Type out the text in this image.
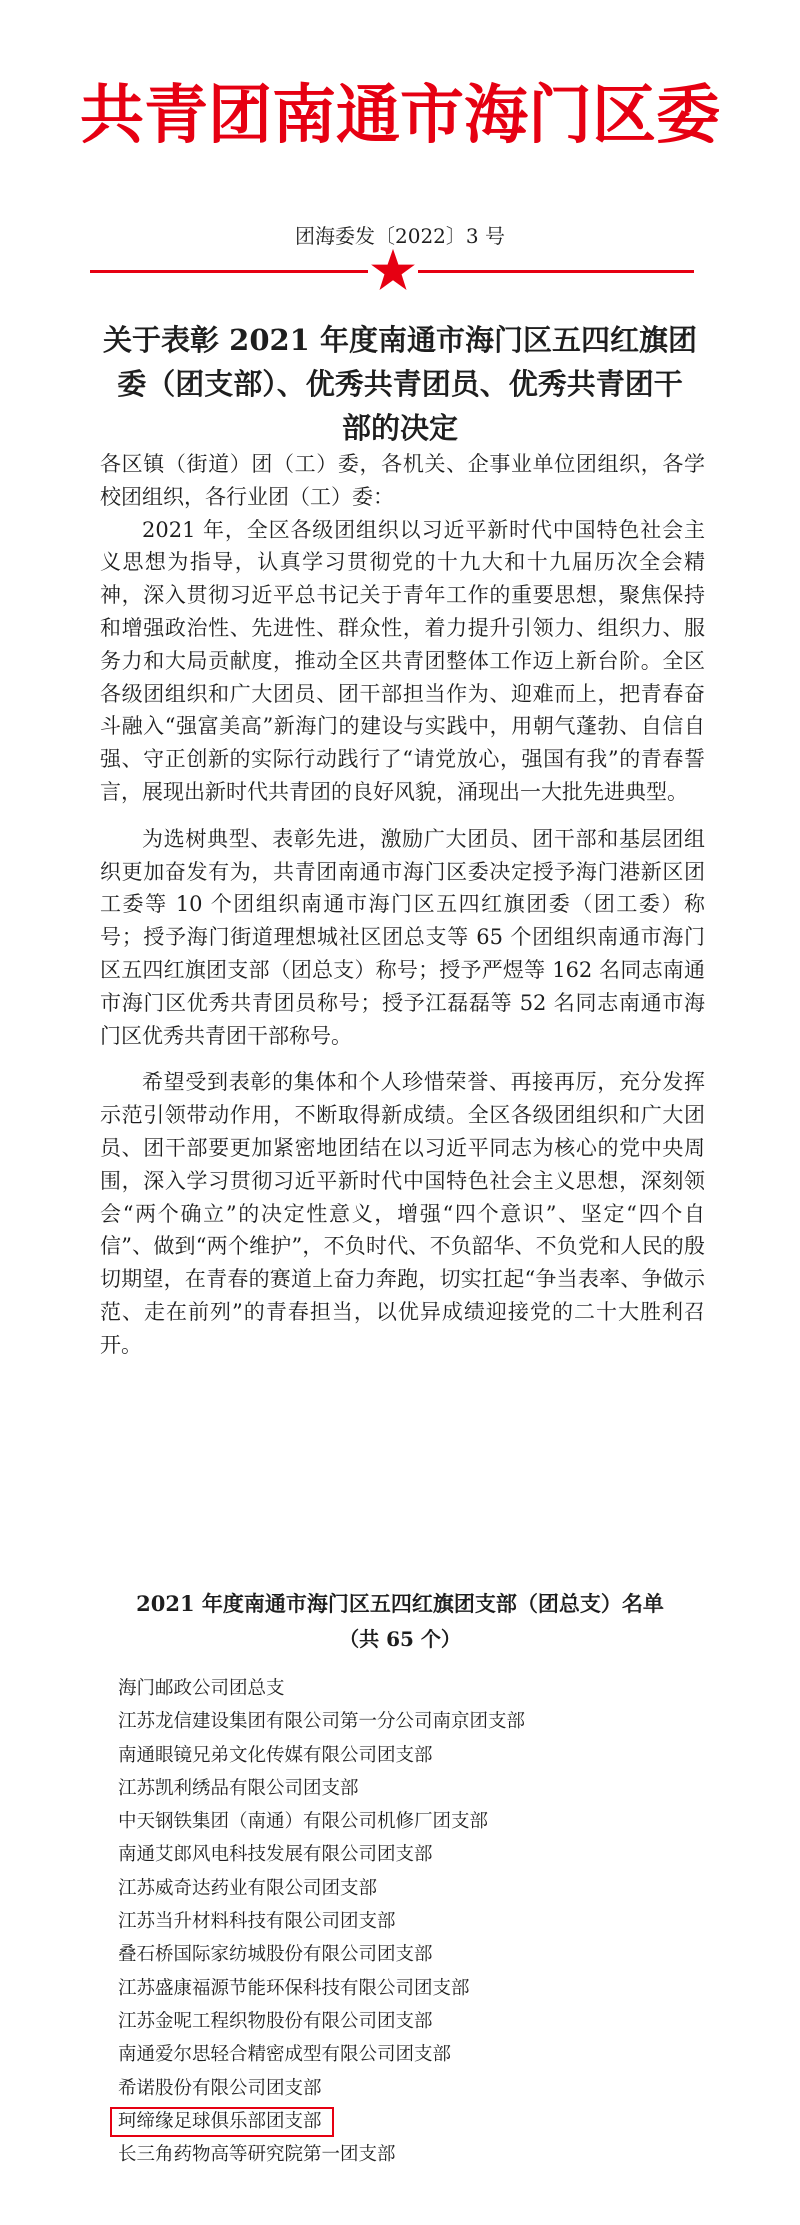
共青团南通市海门区委
团海委发〔2022〕3 号
关于表彰 2021 年度南通市海门区五四红旗团
委（团支部）、优秀共青团员、优秀共青团干
部的决定

各区镇（街道）团（工）委，各机关、企事业单位团组织，各学校团组织，各行业团（工）委：

2021 年，全区各级团组织以习近平新时代中国特色社会主义思想为指导，认真学习贯彻党的十九大和十九届历次全会精神，深入贯彻习近平总书记关于青年工作的重要思想，聚焦保持和增强政治性、先进性、群众性，着力提升引领力、组织力、服务力和大局贡献度，推动全区共青团整体工作迈上新台阶。全区各级团组织和广大团员、团干部担当作为、迎难而上，把青春奋斗融入“强富美高”新海门的建设与实践中，用朝气蓬勃、自信自强、守正创新的实际行动践行了“请党放心，强国有我”的青春誓言，展现出新时代共青团的良好风貌，涌现出一大批先进典型。

为选树典型、表彰先进，激励广大团员、团干部和基层团组织更加奋发有为，共青团南通市海门区委决定授予海门港新区团工委等 10 个团组织南通市海门区五四红旗团委（团工委）称号；授予海门街道理想城社区团总支等 65 个团组织南通市海门区五四红旗团支部（团总支）称号；授予严煜等 162 名同志南通市海门区优秀共青团员称号；授予江磊磊等 52 名同志南通市海门区优秀共青团干部称号。

希望受到表彰的集体和个人珍惜荣誉、再接再厉，充分发挥示范引领带动作用，不断取得新成绩。全区各级团组织和广大团员、团干部要更加紧密地团结在以习近平同志为核心的党中央周围，深入学习贯彻习近平新时代中国特色社会主义思想，深刻领会“两个确立”的决定性意义，增强“四个意识”、坚定“四个自信”、做到“两个维护”，不负时代、不负韶华、不负党和人民的殷切期望，在青春的赛道上奋力奔跑，切实扛起“争当表率、争做示范、走在前列”的青春担当，以优异成绩迎接党的二十大胜利召开。

2021 年度南通市海门区五四红旗团支部（团总支）名单
（共 65 个）
海门邮政公司团总支
江苏龙信建设集团有限公司第一分公司南京团支部
南通眼镜兄弟文化传媒有限公司团支部
江苏凯利绣品有限公司团支部
中天钢铁集团（南通）有限公司机修厂团支部
南通艾郎风电科技发展有限公司团支部
江苏威奇达药业有限公司团支部
江苏当升材料科技有限公司团支部
叠石桥国际家纺城股份有限公司团支部
江苏盛康福源节能环保科技有限公司团支部
江苏金呢工程织物股份有限公司团支部
南通爱尔思轻合精密成型有限公司团支部
希诺股份有限公司团支部
珂缔缘足球俱乐部团支部
长三角药物高等研究院第一团支部
